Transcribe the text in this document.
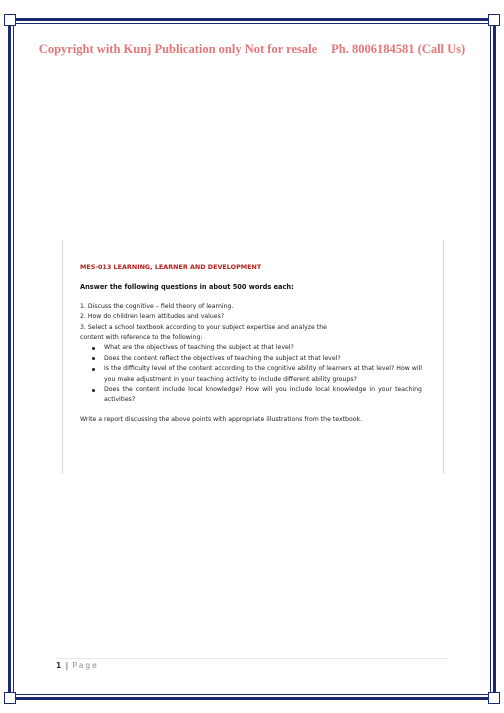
Copyright with Kunj Publication only Not for resale Ph. 8006184581 (Call Us)

MES-013 LEARNING, LEARNER AND DEVELOPMENT

Answer the following questions in about 500 words each:

1. Discuss the cognitive – field theory of learning.

2. How do children learn attitudes and values?

3. Select a school textbook according to your subject expertise and analyze the

content with reference to the following:

What are the objectives of teaching the subject at that level?
Does the content reflect the objectives of teaching the subject at that level?
Is the difficulty level of the content according to the cognitive ability of learners at that level? How will you make adjustment in your teaching activity to include different ability groups?
Does the content include local knowledge? How will you include local knowledge in your teaching activities?

Write a report discussing the above points with appropriate illustrations from the textbook.

1 | Page
